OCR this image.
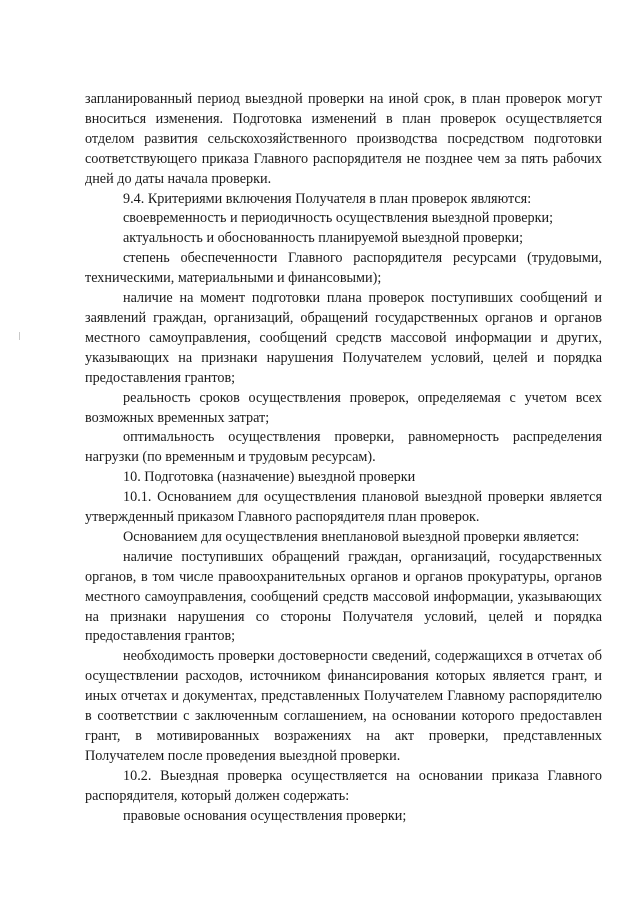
запланированный период выездной проверки на иной срок, в план проверок могут вноситься изменения. Подготовка изменений в план проверок осуществляется отделом развития сельскохозяйственного производства посредством подготовки соответствующего приказа Главного распорядителя не позднее чем за пять рабочих дней до даты начала проверки.

9.4. Критериями включения Получателя в план проверок являются:

своевременность и периодичность осуществления выездной проверки;

актуальность и обоснованность планируемой выездной проверки;

степень обеспеченности Главного распорядителя ресурсами (трудовыми, техническими, материальными и финансовыми);

наличие на момент подготовки плана проверок поступивших сообщений и заявлений граждан, организаций, обращений государственных органов и органов местного самоуправления, сообщений средств массовой информации и других, указывающих на признаки нарушения Получателем условий, целей и порядка предоставления грантов;

реальность сроков осуществления проверок, определяемая с учетом всех возможных временных затрат;

оптимальность осуществления проверки, равномерность распределения нагрузки (по временным и трудовым ресурсам).

10. Подготовка (назначение) выездной проверки

10.1. Основанием для осуществления плановой выездной проверки является утвержденный приказом Главного распорядителя план проверок.

Основанием для осуществления внеплановой выездной проверки является:

наличие поступивших обращений граждан, организаций, государственных органов, в том числе правоохранительных органов и органов прокуратуры, органов местного самоуправления, сообщений средств массовой информации, указывающих на признаки нарушения со стороны Получателя условий, целей и порядка предоставления грантов;

необходимость проверки достоверности сведений, содержащихся в отчетах об осуществлении расходов, источником финансирования которых является грант, и иных отчетах и документах, представленных Получателем Главному распорядителю в соответствии с заключенным соглашением, на основании которого предоставлен грант, в мотивированных возражениях на акт проверки, представленных Получателем после проведения выездной проверки.

10.2. Выездная проверка осуществляется на основании приказа Главного распорядителя, который должен содержать:

правовые основания осуществления проверки;
